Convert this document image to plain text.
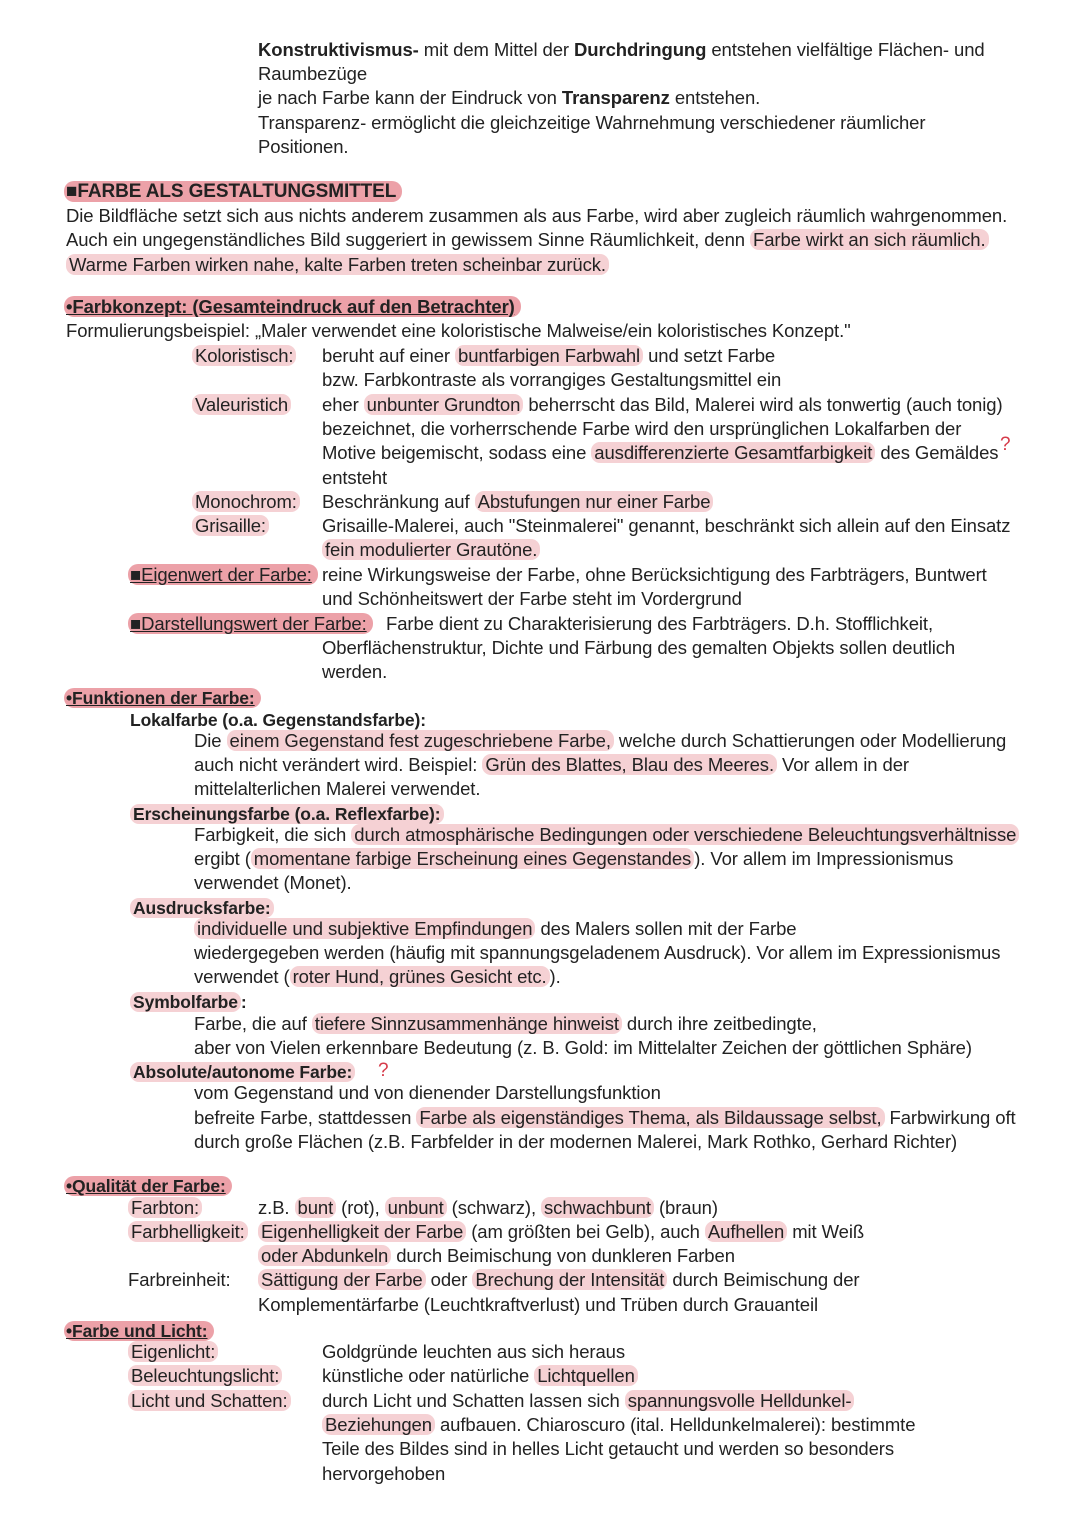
Konstruktivismus- mit dem Mittel der Durchdringung entstehen vielfältige Flächen- und
Raumbezüge
je nach Farbe kann der Eindruck von Transparenz entstehen.
Transparenz- ermöglicht die gleichzeitige Wahrnehmung verschiedener räumlicher
Positionen.
■FARBE ALS GESTALTUNGSMITTEL
Die Bildfläche setzt sich aus nichts anderem zusammen als aus Farbe, wird aber zugleich räumlich wahrgenommen.
Auch ein ungegenständliches Bild suggeriert in gewissem Sinne Räumlichkeit, denn Farbe wirkt an sich räumlich.
Warme Farben wirken nahe, kalte Farben treten scheinbar zurück.
•Farbkonzept: (Gesamteindruck auf den Betrachter)
Formulierungsbeispiel: „Maler verwendet eine koloristische Malweise/ein koloristisches Konzept."
Koloristisch: beruht auf einer buntfarbigen Farbwahl und setzt Farbe
bzw. Farbkontraste als vorrangiges Gestaltungsmittel ein
Valeuristich eher unbunter Grundton beherrscht das Bild, Malerei wird als tonwertig (auch tonig)
bezeichnet, die vorherrschende Farbe wird den ursprünglichen Lokalfarben der
Motive beigemischt, sodass eine ausdifferenzierte Gesamtfarbigkeit des Gemäldes ?
entsteht
Monochrom: Beschränkung auf Abstufungen nur einer Farbe
Grisaille:	Grisaille-Malerei, auch "Steinmalerei" genannt, beschränkt sich allein auf den Einsatz
fein modulierter Grautöne.
■Eigenwert der Farbe: reine Wirkungsweise der Farbe, ohne Berücksichtigung des Farbträgers, Buntwert
und Schönheitswert der Farbe steht im Vordergrund
■Darstellungswert der Farbe:	Farbe dient zu Charakterisierung des Farbträgers. D.h. Stofflichkeit,
Oberflächenstruktur, Dichte und Färbung des gemalten Objekts sollen deutlich
werden.
•Funktionen der Farbe:
Lokalfarbe (o.a. Gegenstandsfarbe):
Die einem Gegenstand fest zugeschriebene Farbe, welche durch Schattierungen oder Modellierung
auch nicht verändert wird. Beispiel: Grün des Blattes, Blau des Meeres. Vor allem in der
mittelalterlichen Malerei verwendet.
Erscheinungsfarbe (o.a. Reflexfarbe):
Farbigkeit, die sich durch atmosphärische Bedingungen oder verschiedene Beleuchtungsverhältnisse
ergibt ( momentane farbige Erscheinung eines Gegenstandes ). Vor allem im Impressionismus
verwendet (Monet).
Ausdrucksfarbe:
individuelle und subjektive Empfindungen des Malers sollen mit der Farbe
wiedergegeben werden (häufig mit spannungsgeladenem Ausdruck). Vor allem im Expressionismus
verwendet ( roter Hund, grünes Gesicht etc. ).
Symbolfarbe :
Farbe, die auf tiefere Sinnzusammenhänge hinweist durch ihre zeitbedingte,
aber von Vielen erkennbare Bedeutung (z. B. Gold: im Mittelalter Zeichen der göttlichen Sphäre)
Absolute/autonome Farbe: ?
vom Gegenstand und von dienender Darstellungsfunktion
befreite Farbe, stattdessen Farbe als eigenständiges Thema, als Bildaussage selbst, Farbwirkung oft
durch große Flächen (z.B. Farbfelder in der modernen Malerei, Mark Rothko, Gerhard Richter)
•Qualität der Farbe:
Farbton:	z.B. bunt (rot), unbunt (schwarz), schwachbunt (braun)
Farbhelligkeit: Eigenhelligkeit der Farbe (am größten bei Gelb), auch Aufhellen mit Weiß
oder Abdunkeln durch Beimischung von dunkleren Farben
Farbreinheit: Sättigung der Farbe oder Brechung der Intensität durch Beimischung der
Komplementärfarbe (Leuchtkraftverlust) und Trüben durch Grauanteil
•Farbe und Licht:
Eigenlicht:	Goldgründe leuchten aus sich heraus
Beleuchtungslicht: künstliche oder natürliche Lichtquellen
Licht und Schatten: durch Licht und Schatten lassen sich spannungsvolle Helldunkel-
Beziehungen aufbauen. Chiaroscuro (ital. Helldunkelmalerei): bestimmte
Teile des Bildes sind in helles Licht getaucht und werden so besonders
hervorgehoben
